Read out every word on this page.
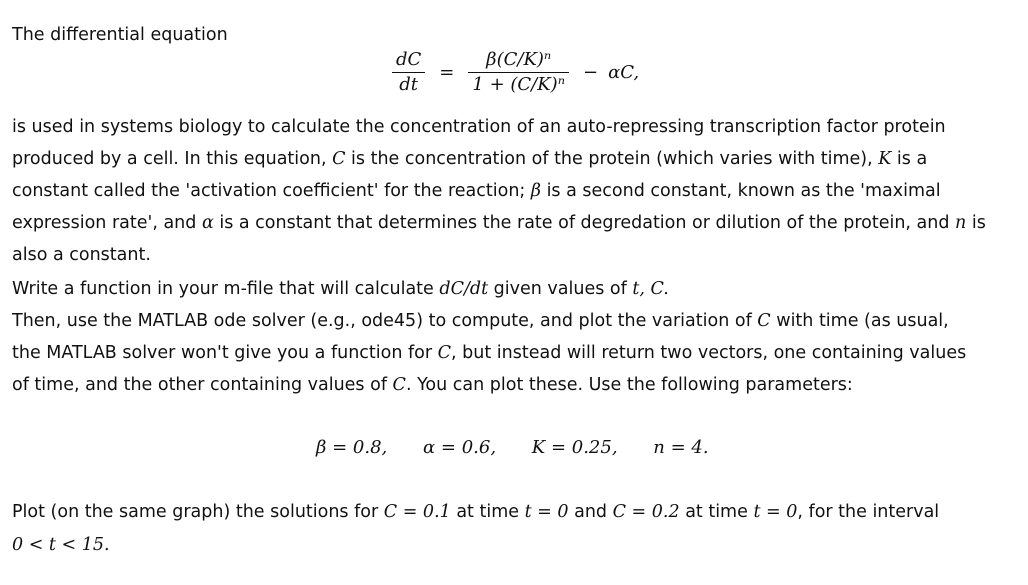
The differential equation
$\frac{dC}{dt} = \frac{\text{β(C/K)ⁿ}}{\text{1 + (C/K)ⁿ}} - \alpha C$,
is used in systems biology to calculate the concentration of an auto-repressing transcription factor protein
produced by a cell. In this equation, C is the concentration of the protein (which varies with time), K is a
constant called the 'activation coefficient' for the reaction; β is a second constant, known as the 'maximal
expression rate', and α is a constant that determines the rate of degredation or dilution of the protein, and n is
also a constant.
Write a function in your m-file that will calculate dC/dt given values of t, C.
Then, use the MATLAB ode solver (e.g., ode45) to compute, and plot the variation of C with time (as usual,
the MATLAB solver won't give you a function for C, but instead will return two vectors, one containing values
of time, and the other containing values of C. You can plot these. Use the following parameters:
β = 0.8, α = 0.6, K = 0.25, n = 4.
Plot (on the same graph) the solutions for C = 0.1 at time t = 0 and C = 0.2 at time t = 0, for the interval
0 < t < 15.
